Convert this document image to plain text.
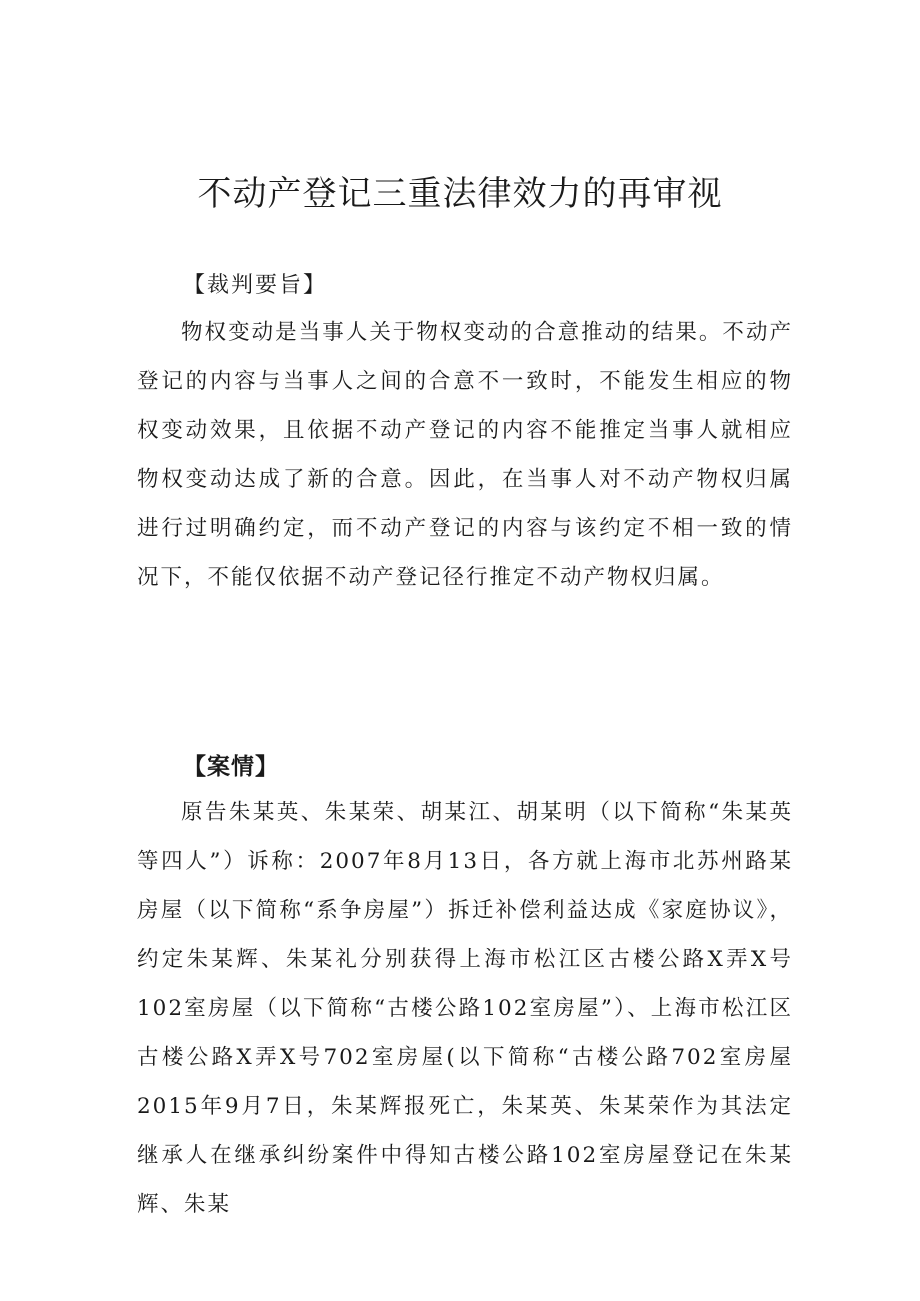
不动产登记三重法律效力的再审视
【裁判要旨】

物权变动是当事人关于物权变动的合意推动的结果。不动产登记的内容与当事人之间的合意不一致时，不能发生相应的物权变动效果，且依据不动产登记的内容不能推定当事人就相应物权变动达成了新的合意。因此，在当事人对不动产物权归属进行过明确约定，而不动产登记的内容与该约定不相一致的情况下，不能仅依据不动产登记径行推定不动产物权归属。

【案情】

原告朱某英、朱某荣、胡某江、胡某明（以下简称“朱某英等四人”）诉称：2007年8月13日，各方就上海市北苏州路某房屋（以下简称“系争房屋”）拆迁补偿利益达成《家庭协议》，约定朱某辉、朱某礼分别获得上海市松江区古楼公路X弄X号102室房屋（以下简称“古楼公路102室房屋”）、上海市松江区古楼公路X弄X号702室房屋(以下简称“古楼公路702室房屋2015年9月7日，朱某辉报死亡，朱某英、朱某荣作为其法定继承人在继承纠纷案件中得知古楼公路102室房屋登记在朱某辉、朱某
